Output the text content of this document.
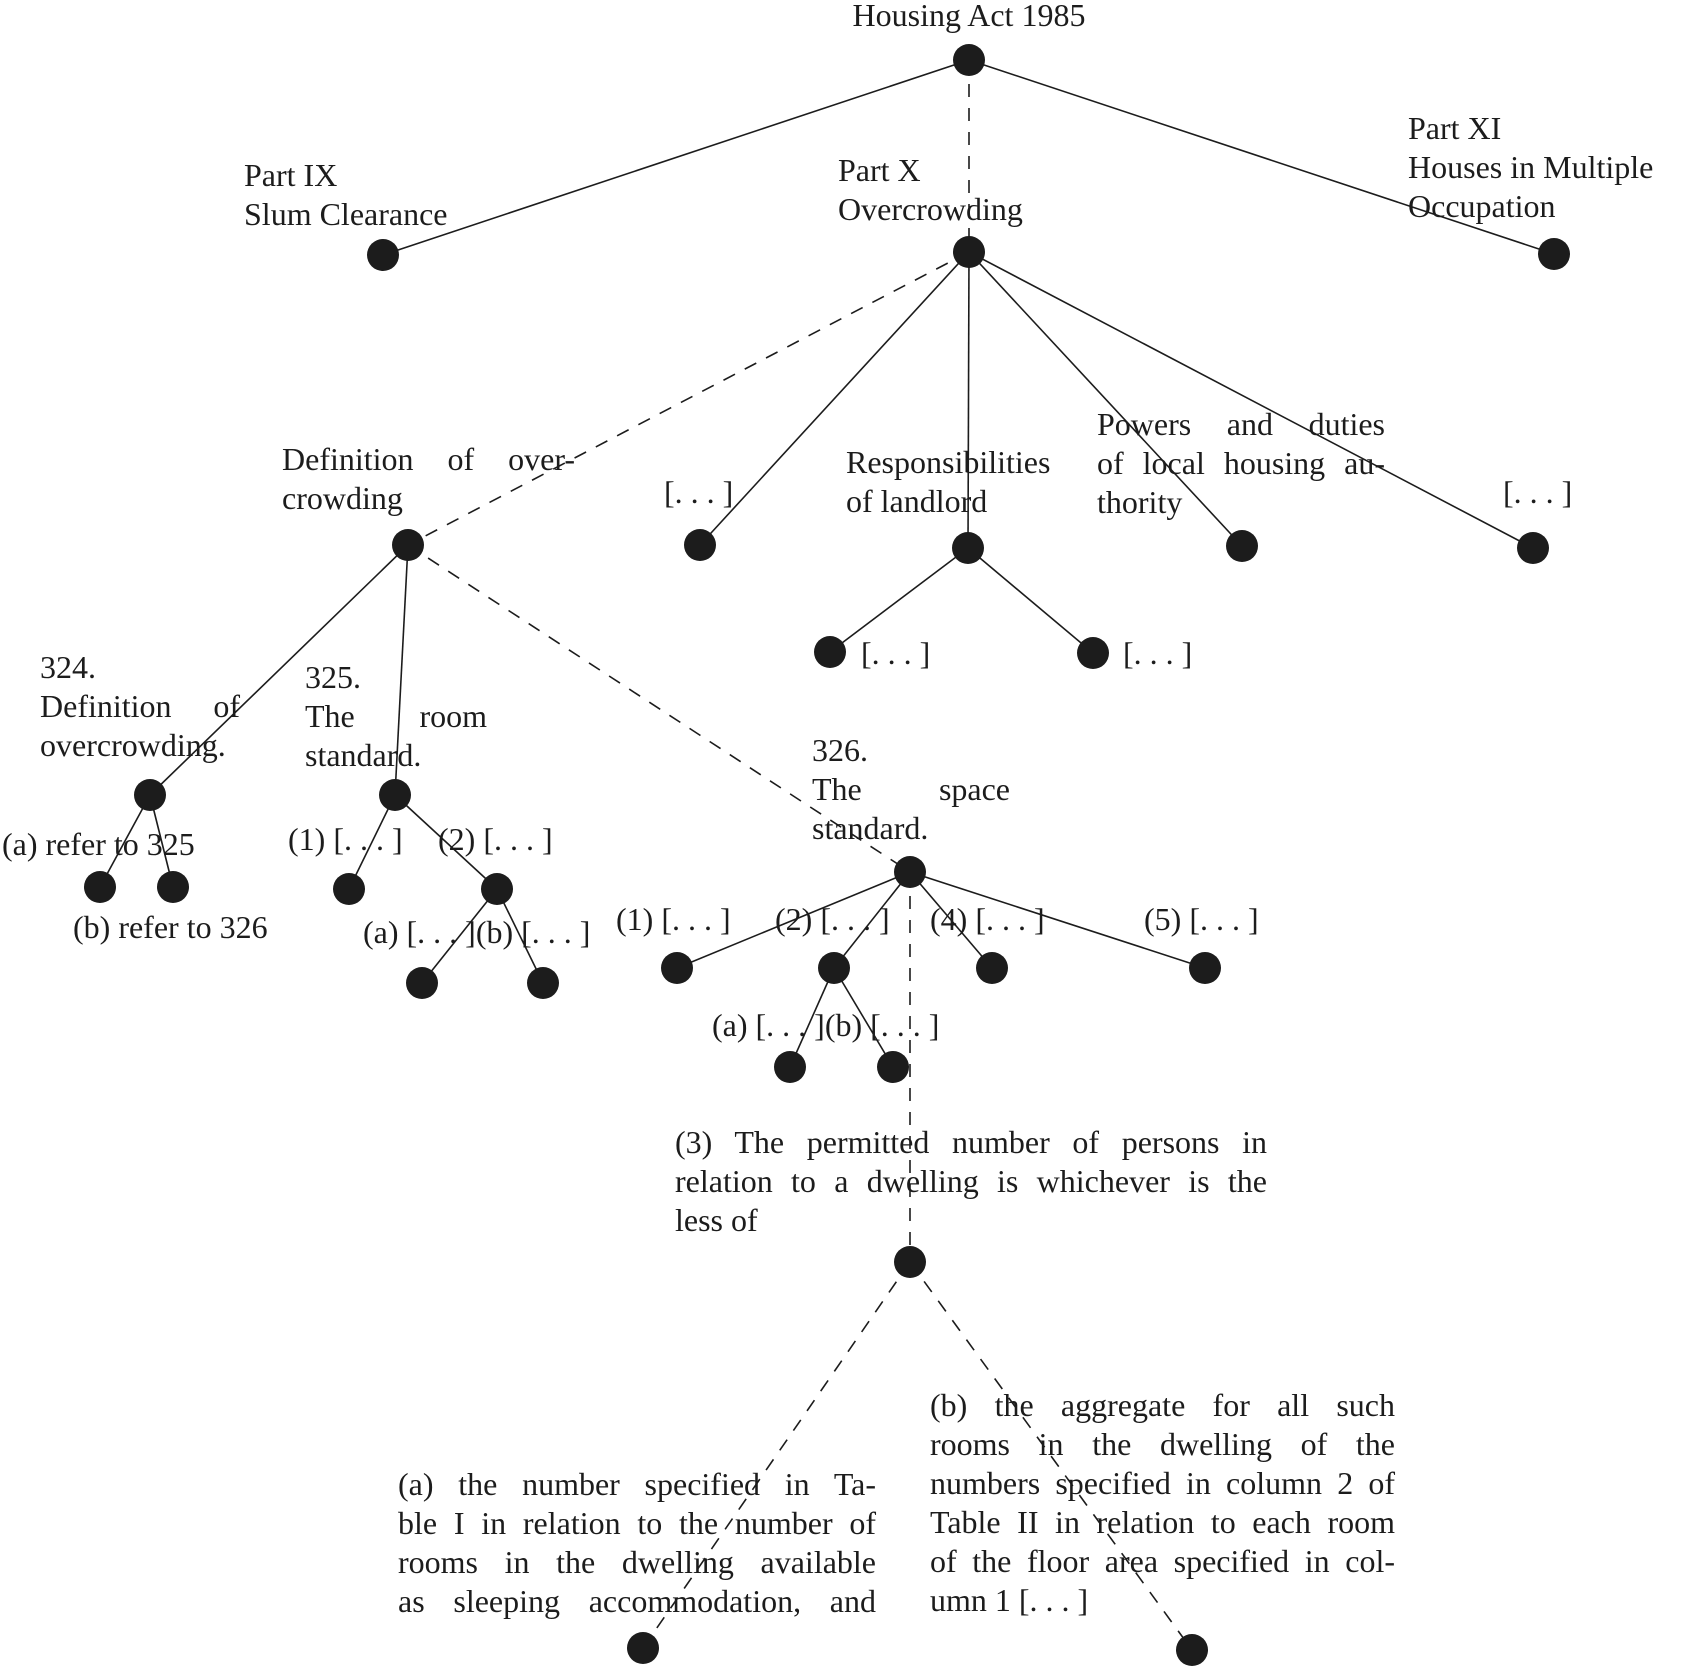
Housing Act 1985
Part IX
Slum Clearance
Part X
Overcrowding
Part XI
Houses in Multiple
Occupation
Definition of over-
crowding	[. . . ]
Responsibilities
of landlord
Powers and duties
of local housing au-
thority	[. . . ]
[. . . ]	[. . . ]
324.
Definition of
overcrowding.
(a) refer to 325
(b) refer to 326
325.
The room
standard.
(1) [. . . ] (2) [. . . ]
(a) [. . . ](b) [. . . ]
326.
The space
standard.
(1) [. . . ] (2) [. . . ] (4) [. . . ]	(5) [. . . ]
(a) [. . . ](b) [. . . ]
(3) The permitted number of persons in
relation to a dwelling is whichever is the
less of
(a) the number specified in Ta-
ble I in relation to the number of
rooms in the dwelling available
as sleeping accommodation, and
(b) the aggregate for all such
rooms in the dwelling of the
numbers specified in column 2 of
Table II in relation to each room
of the floor area specified in col-
umn 1 [. . . ]
